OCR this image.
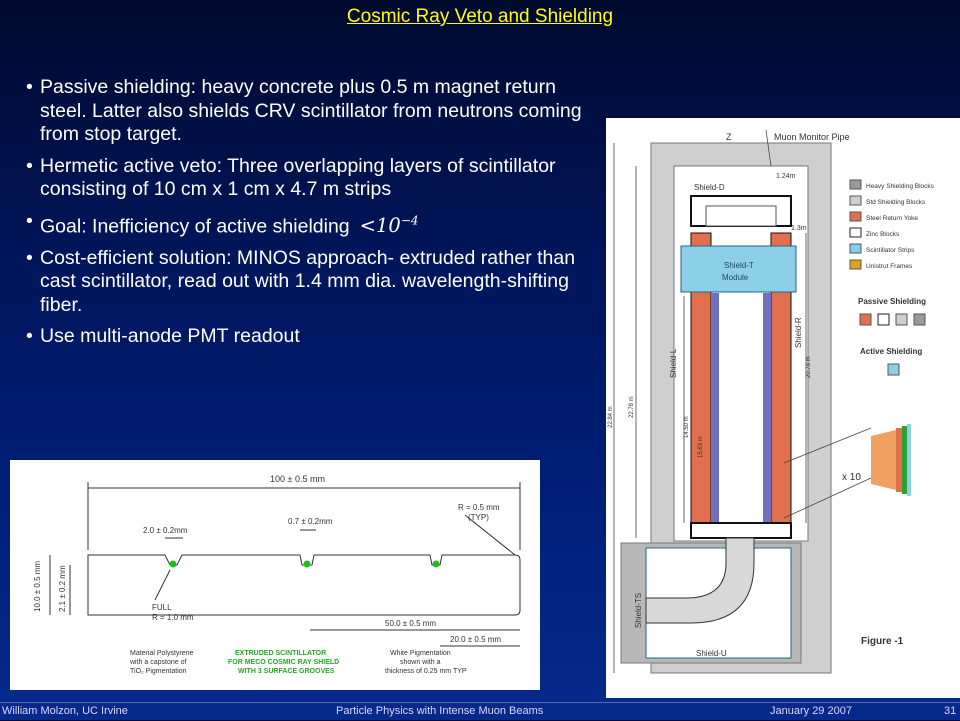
Cosmic Ray Veto and Shielding
• Passive shielding: heavy concrete plus 0.5 m magnet return steel. Latter also shields CRV scintillator from neutrons coming from stop target.
• Hermetic active veto: Three overlapping layers of scintillator consisting of 10 cm x 1 cm x 4.7 m strips
• Goal: Inefficiency of active shielding $<10^{-4}$
• Cost-efficient solution: MINOS approach- extruded rather than cast scintillator, read out with 1.4 mm dia. wavelength-shifting fiber.
• Use multi-anode PMT readout
100 ± 0.5 mm
2.0 ± 0.2mm
0.7 ± 0.2mm
R = 0.5 mm
(TYP)
10.0 ± 0.5 mm 2.1 ± 0.2 mm	FULL
R = 1.0 mm
50.0 ± 0.5 mm
20.0 ± 0.5 mm
Material Polystyrene
with a capstone of
TiO₂ Pigmentation
EXTRUDED SCINTILLATOR
FOR MECO COSMIC RAY SHIELD
WITH 3 SURFACE GROOVES
White Pigmentation
shown with a
thickness of 0.25 mm TYP
Z	Muon Monitor Pipe
Shield-D
1.24m
1.3m
Shield-T
Module
Shield-L
Shield-R
22.78 m
22.84 m	14.50 m
15.63 m
20.78 m
Shield-TS
Shield-U
Figure -1
x 10
Heavy Shielding Blocks
Std Shielding Blocks
Steel Return Yoke
Zinc Blocks
Scintillator Strips
Unistrut Frames
Passive Shielding
Active Shielding
William Molzon, UC Irvine	Particle Physics with Intense Muon Beams	January 29 2007	31
